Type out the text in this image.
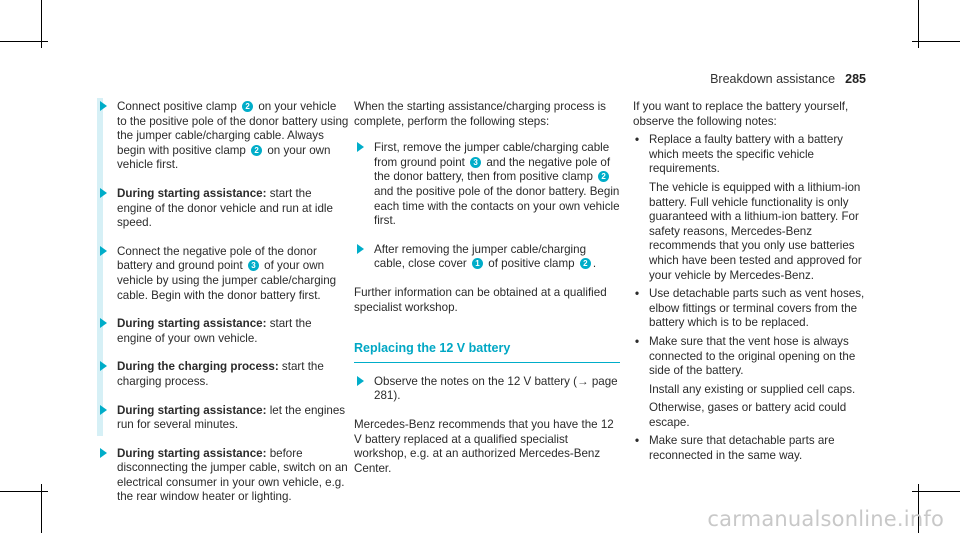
Breakdown assistance 285
Connect positive clamp 2 on your vehicle to the positive pole of the donor battery using the jumper cable/charging cable. Always begin with positive clamp 2 on your own vehicle first.
During starting assistance: start the engine of the donor vehicle and run at idle speed.
Connect the negative pole of the donor battery and ground point 3 of your own vehicle by using the jumper cable/charging cable. Begin with the donor battery first.
During starting assistance: start the engine of your own vehicle.
During the charging process: start the charging process.
During starting assistance: let the engines run for several minutes.
During starting assistance: before disconnecting the jumper cable, switch on an electrical consumer in your own vehicle, e.g. the rear window heater or lighting.

When the starting assistance/charging process is complete, perform the following steps:

First, remove the jumper cable/charging cable from ground point 3 and the negative pole of the donor battery, then from positive clamp 2 and the positive pole of the donor battery. Begin each time with the contacts on your own vehicle first.
After removing the jumper cable/charging cable, close cover 1 of positive clamp 2 .

Further information can be obtained at a qualified specialist workshop.

Replacing the 12 V battery
Observe the notes on the 12 V battery (→ page 281).

Mercedes-Benz recommends that you have the 12 V battery replaced at a qualified specialist workshop, e.g. at an authorized Mercedes-Benz Center.

If you want to replace the battery yourself, observe the following notes:

• Replace a faulty battery with a battery which meets the specific vehicle requirements.

The vehicle is equipped with a lithium-ion battery. Full vehicle functionality is only guaranteed with a lithium-ion battery. For safety reasons, Mercedes-Benz recommends that you only use batteries which have been tested and approved for your vehicle by Mercedes-Benz.

• Use detachable parts such as vent hoses, elbow fittings or terminal covers from the battery which is to be replaced.

• Make sure that the vent hose is always connected to the original opening on the side of the battery.

Install any existing or supplied cell caps.

Otherwise, gases or battery acid could escape.

• Make sure that detachable parts are reconnected in the same way.

carmanualsonline.info
